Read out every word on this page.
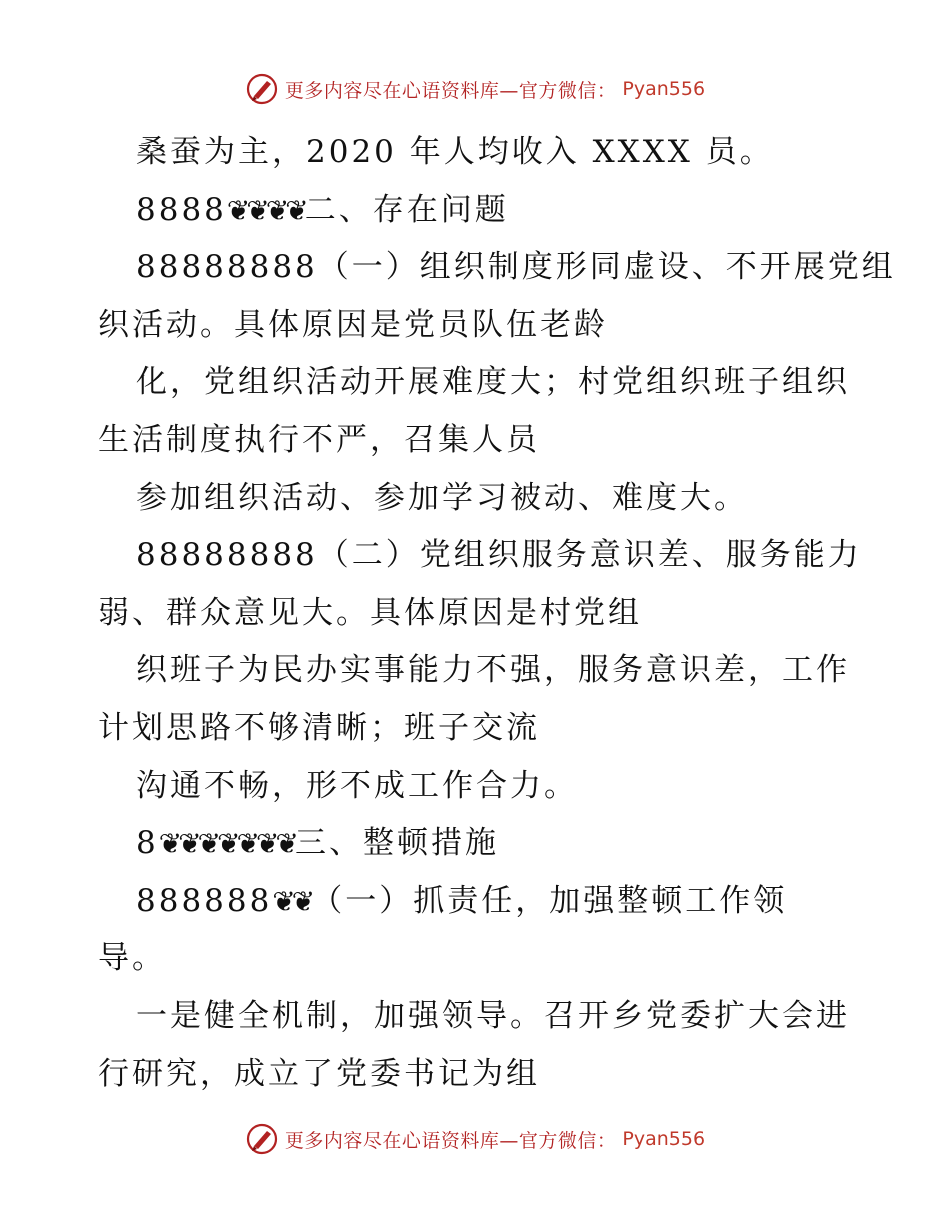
更多内容尽在心语资料库—官方微信： Pyan556
桑蚕为主，2020 年人均收入 XXXX 员。
8888❦❦❦❦二、存在问题
88888888（一）组织制度形同虚设、不开展党组
织活动。具体原因是党员队伍老龄
化，党组织活动开展难度大；村党组织班子组织
生活制度执行不严，召集人员
参加组织活动、参加学习被动、难度大。
88888888（二）党组织服务意识差、服务能力
弱、群众意见大。具体原因是村党组
织班子为民办实事能力不强，服务意识差，工作
计划思路不够清晰；班子交流
沟通不畅，形不成工作合力。
8❦❦❦❦❦❦❦三、整顿措施
888888❦❦（一）抓责任，加强整顿工作领
导。
一是健全机制，加强领导。召开乡党委扩大会进
行研究，成立了党委书记为组
更多内容尽在心语资料库—官方微信： Pyan556
